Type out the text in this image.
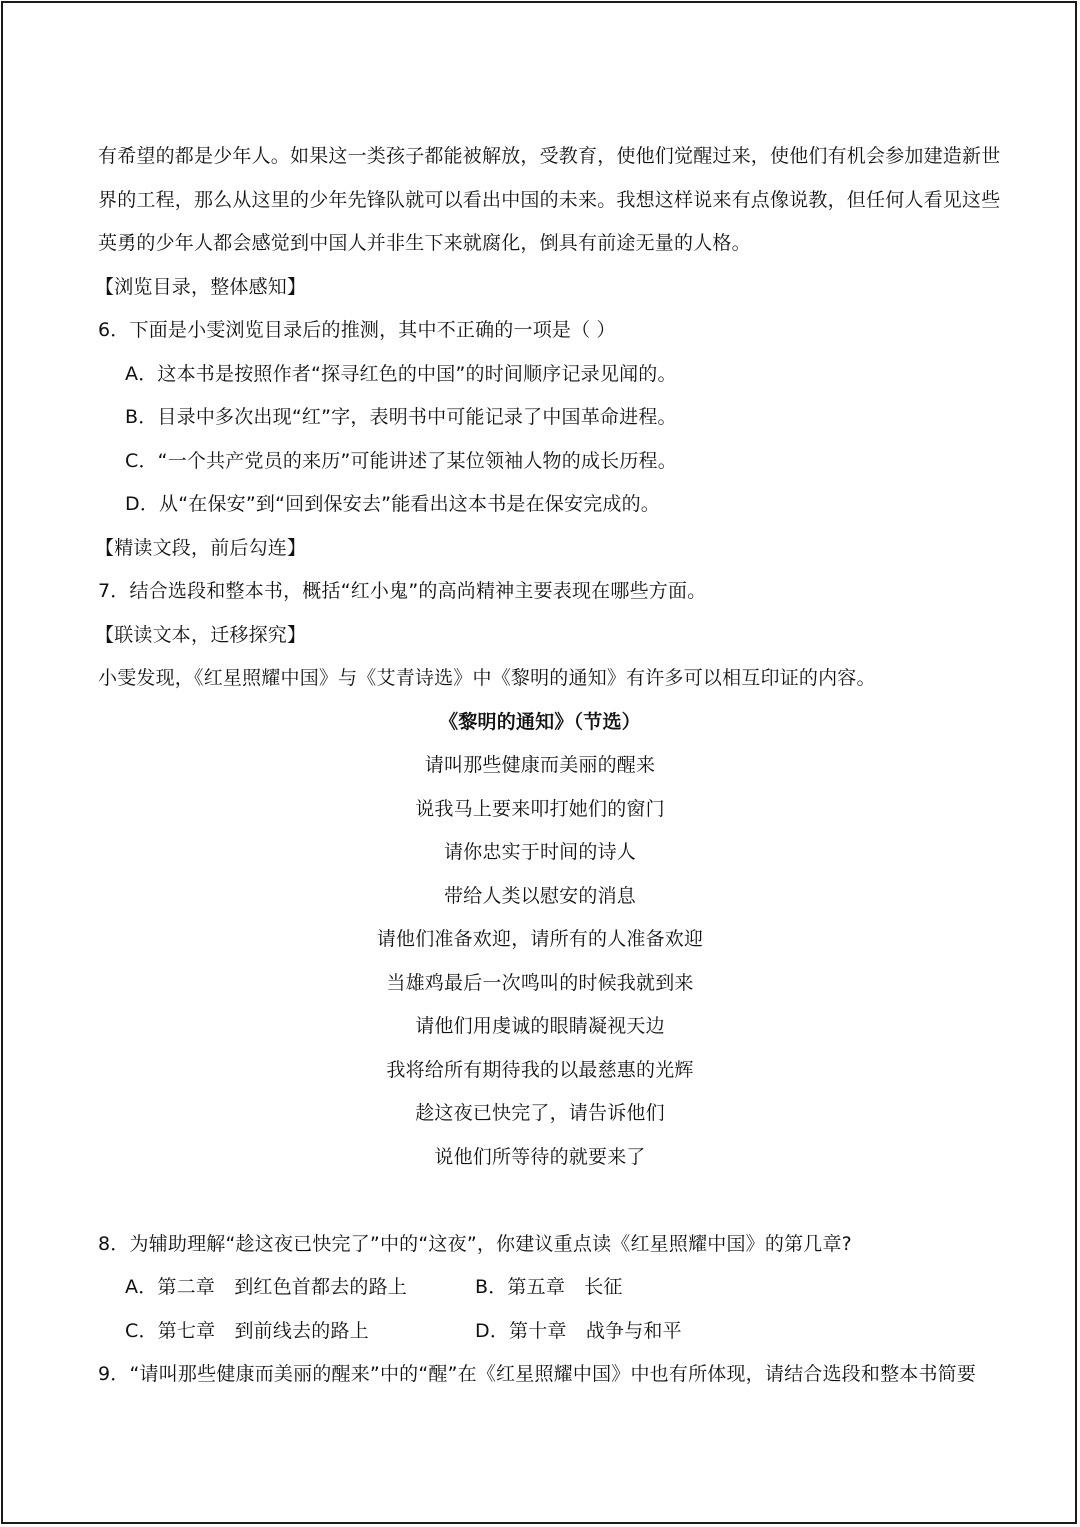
有希望的都是少年人。如果这一类孩子都能被解放，受教育，使他们觉醒过来，使他们有机会参加建造新世
界的工程，那么从这里的少年先锋队就可以看出中国的未来。我想这样说来有点像说教，但任何人看见这些
英勇的少年人都会感觉到中国人并非生下来就腐化，倒具有前途无量的人格。
【浏览目录，整体感知】
6．下面是小雯浏览目录后的推测，其中不正确的一项是（ ）
A．这本书是按照作者“探寻红色的中国”的时间顺序记录见闻的。
B．目录中多次出现“红”字，表明书中可能记录了中国革命进程。
C．“一个共产党员的来历”可能讲述了某位领袖人物的成长历程。
D．从“在保安”到“回到保安去”能看出这本书是在保安完成的。
【精读文段，前后勾连】
7．结合选段和整本书，概括“红小鬼”的高尚精神主要表现在哪些方面。
【联读文本，迁移探究】
小雯发现，《红星照耀中国》与《艾青诗选》中《黎明的通知》有许多可以相互印证的内容。
《黎明的通知》（节选）
请叫那些健康而美丽的醒来
说我马上要来叩打她们的窗门
请你忠实于时间的诗人
带给人类以慰安的消息
请他们准备欢迎，请所有的人准备欢迎
当雄鸡最后一次鸣叫的时候我就到来
请他们用虔诚的眼睛凝视天边
我将给所有期待我的以最慈惠的光辉
趁这夜已快完了，请告诉他们
说他们所等待的就要来了
8．为辅助理解“趁这夜已快完了”中的“这夜”，你建议重点读《红星照耀中国》的第几章?
A．第二章　到红色首都去的路上	B．第五章　长征
C．第七章　到前线去的路上	D．第十章　战争与和平
9．“请叫那些健康而美丽的醒来”中的“醒”在《红星照耀中国》中也有所体现，请结合选段和整本书简要
